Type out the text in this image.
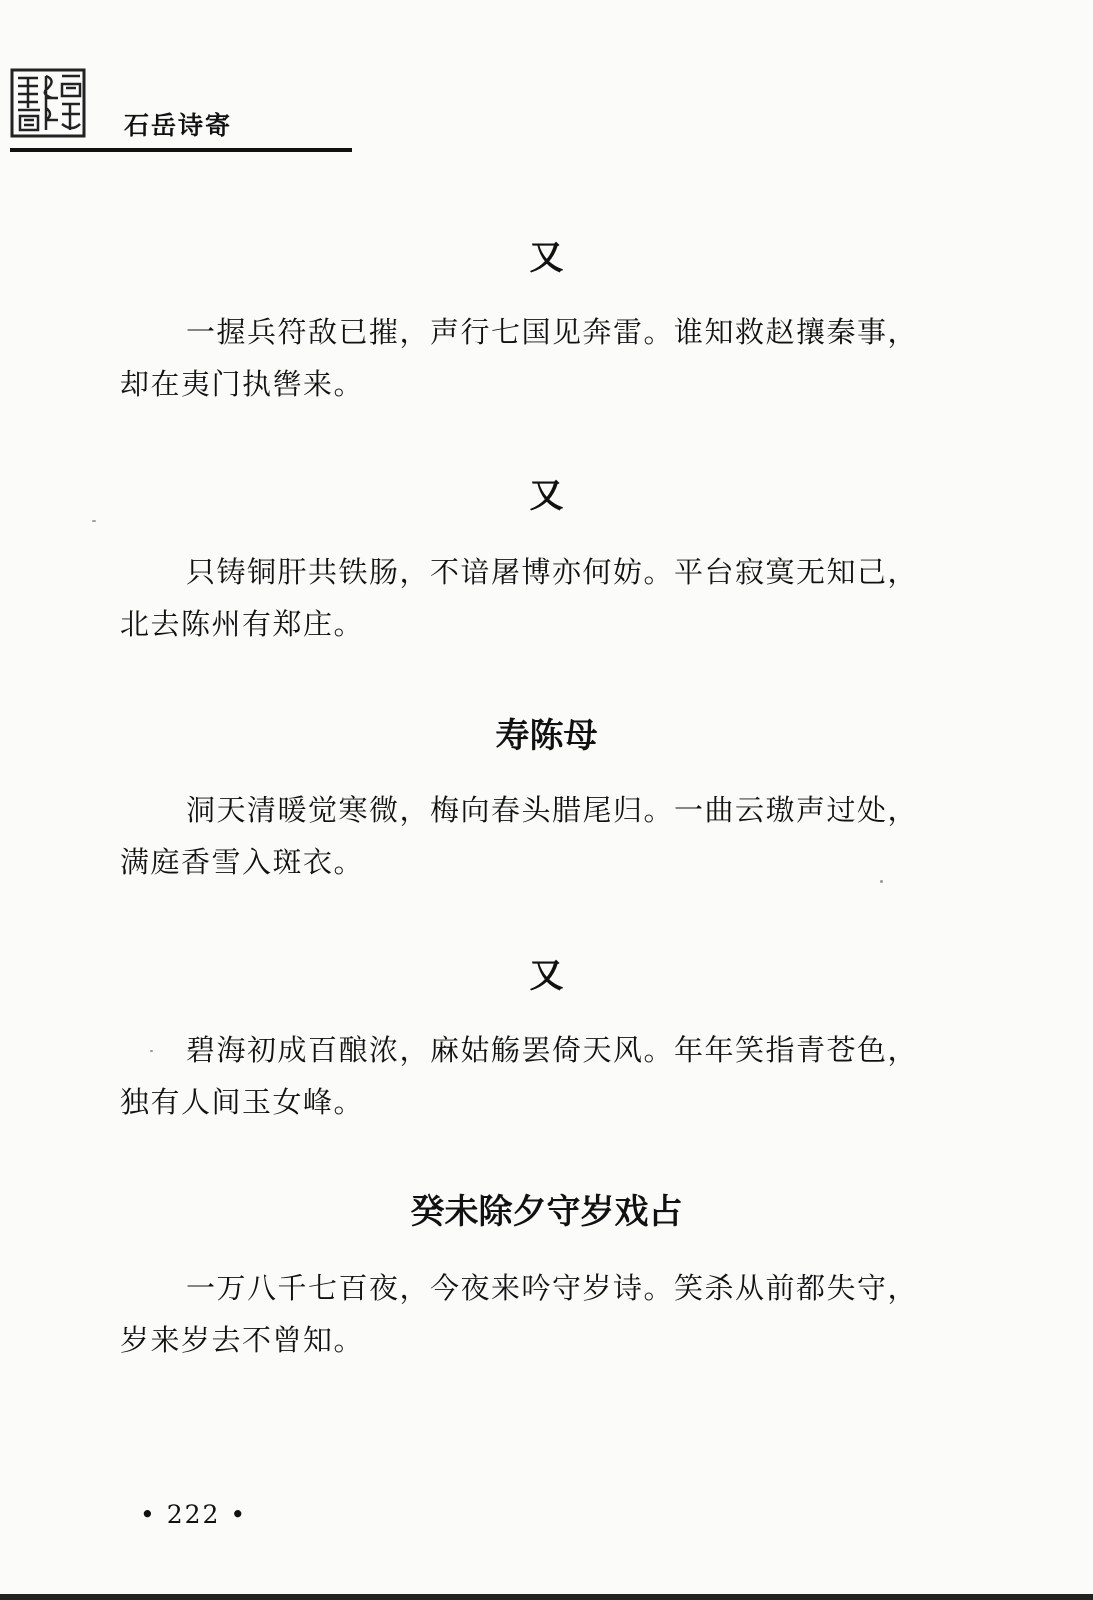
石岳诗寄
又
一握兵符敌已摧，声行七国见奔雷。谁知救赵攘秦事，
却在夷门执辔来。
又
只铸铜肝共铁肠，不谙屠博亦何妨。平台寂寞无知己，
北去陈州有郑庄。
寿陈母
洞天清暖觉寒微，梅向春头腊尾归。一曲云璈声过处，
满庭香雪入斑衣。
又
碧海初成百酿浓，麻姑觞罢倚天风。年年笑指青苍色，
独有人间玉女峰。
癸未除夕守岁戏占
一万八千七百夜，今夜来吟守岁诗。笑杀从前都失守，
岁来岁去不曾知。
• 222 •
